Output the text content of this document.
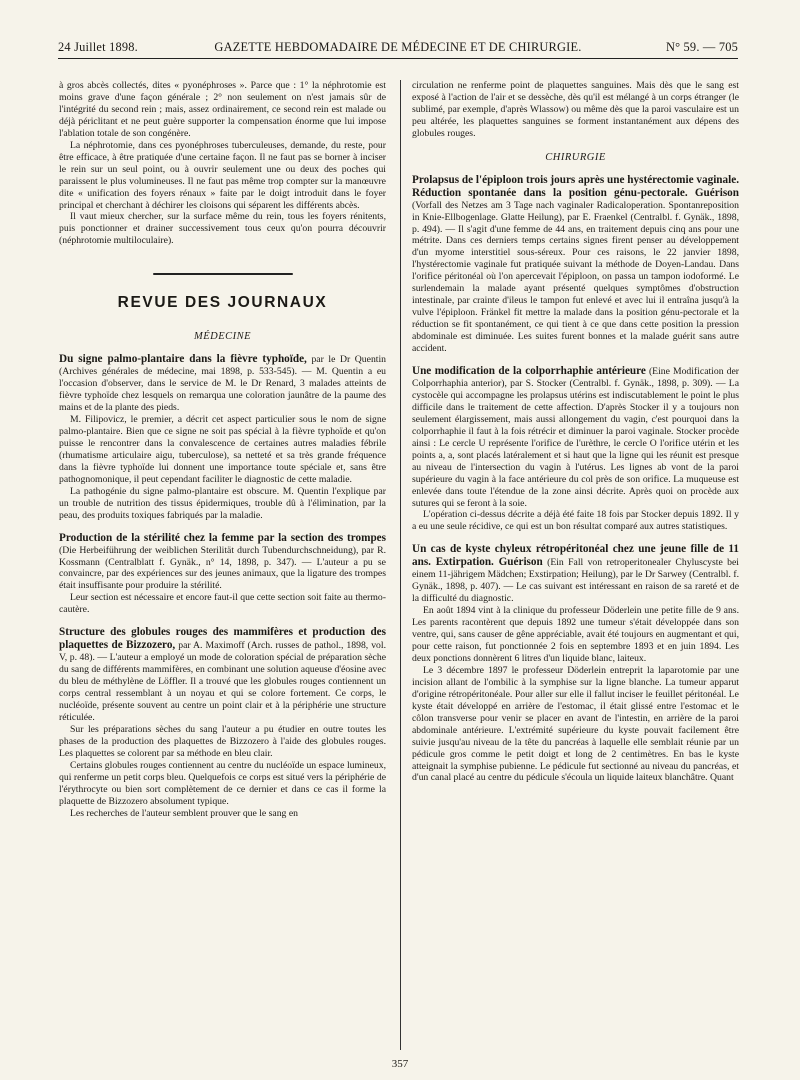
24 Juillet 1898.	GAZETTE HEBDOMADAIRE DE MÉDECINE ET DE CHIRURGIE.	N° 59. — 705

à gros abcès collectés, dites « pyonéphroses ». Parce que : 1° la néphrotomie est moins grave d'une façon générale ; 2° non seulement on n'est jamais sûr de l'intégrité du second rein ; mais, assez ordinairement, ce second rein est malade ou déjà périclitant et ne peut guère supporter la compensation énorme que lui impose l'ablation totale de son congénère.

La néphrotomie, dans ces pyonéphroses tuberculeuses, demande, du reste, pour être efficace, à être pratiquée d'une certaine façon. Il ne faut pas se borner à inciser le rein sur un seul point, ou à ouvrir seulement une ou deux des poches qui paraissent le plus volumineuses. Il ne faut pas même trop compter sur la manœuvre dite « unification des foyers rénaux » faite par le doigt introduit dans le foyer principal et cherchant à déchirer les cloisons qui séparent les différents abcès.

Il vaut mieux chercher, sur la surface même du rein, tous les foyers rénitents, puis ponctionner et drainer successivement tous ceux qu'on pourra découvrir (néphrotomie multiloculaire).

REVUE DES JOURNAUX
MÉDECINE

Du signe palmo-plantaire dans la fièvre typhoïde, par le Dr Quentin (Archives générales de médecine, mai 1898, p. 533-545). — M. Quentin a eu l'occasion d'observer, dans le service de M. le Dr Renard, 3 malades atteints de fièvre typhoïde chez lesquels on remarqua une coloration jaunâtre de la paume des mains et de la plante des pieds.

M. Filipovicz, le premier, a décrit cet aspect particulier sous le nom de signe palmo-plantaire. Bien que ce signe ne soit pas spécial à la fièvre typhoïde et qu'on puisse le rencontrer dans la convalescence de certaines autres maladies fébrile (rhumatisme articulaire aigu, tuberculose), sa netteté et sa très grande fréquence dans la fièvre typhoïde lui donnent une importance toute spéciale et, sans être pathognomonique, il peut cependant faciliter le diagnostic de cette maladie.

La pathogénie du signe palmo-plantaire est obscure. M. Quentin l'explique par un trouble de nutrition des tissus épidermiques, trouble dû à l'élimination, par la peau, des produits toxiques fabriqués par la maladie.

Production de la stérilité chez la femme par la section des trompes (Die Herbeiführung der weiblichen Sterilität durch Tubendurchschneidung), par R. Kossmann (Centralblatt f. Gynäk., n° 14, 1898, p. 347). — L'auteur a pu se convaincre, par des expériences sur des jeunes animaux, que la ligature des trompes était insuffisante pour produire la stérilité.

Leur section est nécessaire et encore faut-il que cette section soit faite au thermo-cautère.

Structure des globules rouges des mammifères et production des plaquettes de Bizzozero, par A. Maximoff (Arch. russes de pathol., 1898, vol. V, p. 48). — L'auteur a employé un mode de coloration spécial de préparation sèche du sang de différents mammifères, en combinant une solution aqueuse d'éosine avec du bleu de méthylène de Löffler. Il a trouvé que les globules rouges contiennent un corps central ressemblant à un noyau et qui se colore fortement. Ce corps, le nucléoïde, présente souvent au centre un point clair et à la périphérie une structure réticulée.

Sur les préparations sèches du sang l'auteur a pu étudier en outre toutes les phases de la production des plaquettes de Bizzozero à l'aide des globules rouges. Les plaquettes se colorent par sa méthode en bleu clair.

Certains globules rouges contiennent au centre du nucléoïde un espace lumineux, qui renferme un petit corps bleu. Quelquefois ce corps est situé vers la périphérie de l'érythrocyte ou bien sort complètement de ce dernier et dans ce cas il forme la plaquette de Bizzozero absolument typique.

Les recherches de l'auteur semblent prouver que le sang en

circulation ne renferme point de plaquettes sanguines. Mais dès que le sang est exposé à l'action de l'air et se dessèche, dès qu'il est mélangé à un corps étranger (le sublimé, par exemple, d'après Wlassow) ou même dès que la paroi vasculaire est un peu altérée, les plaquettes sanguines se forment instantanément aux dépens des globules rouges.

CHIRURGIE

Prolapsus de l'épiploon trois jours après une hystérectomie vaginale. Réduction spontanée dans la position génu-pectorale. Guérison (Vorfall des Netzes am 3 Tage nach vaginaler Radicaloperation. Spontanreposition in Knie-Ellbogenlage. Glatte Heilung), par E. Fraenkel (Centralbl. f. Gynäk., 1898, p. 494). — Il s'agit d'une femme de 44 ans, en traitement depuis cinq ans pour une métrite. Dans ces derniers temps certains signes firent penser au développement d'un myome interstitiel sous-séreux. Pour ces raisons, le 22 janvier 1898, l'hystérectomie vaginale fut pratiquée suivant la méthode de Doyen-Landau. Dans l'orifice péritonéal où l'on apercevait l'épiploon, on passa un tampon iodoformé. Le surlendemain la malade ayant présenté quelques symptômes d'obstruction intestinale, par crainte d'ileus le tampon fut enlevé et avec lui il entraîna jusqu'à la vulve l'épiploon. Fränkel fit mettre la malade dans la position génu-pectorale et la réduction se fit spontanément, ce qui tient à ce que dans cette position la pression abdominale est diminuée. Les suites furent bonnes et la malade guérit sans autre accident.

Une modification de la colporrhaphie antérieure (Eine Modification der Colporrhaphia anterior), par S. Stocker (Centralbl. f. Gynäk., 1898, p. 309). — La cystocèle qui accompagne les prolapsus utérins est indiscutablement le point le plus difficile dans le traitement de cette affection. D'après Stocker il y a toujours non seulement élargissement, mais aussi allongement du vagin, c'est pourquoi dans la colporrhaphie il faut à la fois rétrécir et diminuer la paroi vaginale. Stocker procède ainsi : Le cercle U représente l'orifice de l'urèthre, le cercle O l'orifice utérin et les points a, a, sont placés latéralement et si haut que la ligne qui les réunit est presque au niveau de l'intersection du vagin à l'utérus. Les lignes ab vont de la paroi supérieure du vagin à la face antérieure du col près de son orifice. La muqueuse est enlevée dans toute l'étendue de la zone ainsi décrite. Après quoi on procède aux sutures qui se feront à la soie.

L'opération ci-dessus décrite a déjà été faite 18 fois par Stocker depuis 1892. Il y a eu une seule récidive, ce qui est un bon résultat comparé aux autres statistiques.

Un cas de kyste chyleux rétropéritonéal chez une jeune fille de 11 ans. Extirpation. Guérison (Ein Fall von retroperitonealer Chyluscyste bei einem 11-jährigem Mädchen; Exstirpation; Heilung), par le Dr Sarwey (Centralbl. f. Gynäk., 1898, p. 407). — Le cas suivant est intéressant en raison de sa rareté et de la difficulté du diagnostic.

En août 1894 vint à la clinique du professeur Döderlein une petite fille de 9 ans. Les parents racontèrent que depuis 1892 une tumeur s'était développée dans son ventre, qui, sans causer de gêne appréciable, avait été toujours en augmentant et qui, pour cette raison, fut ponctionnée 2 fois en septembre 1893 et en juin 1894. Les deux ponctions donnèrent 6 litres d'un liquide blanc, laiteux.

Le 3 décembre 1897 le professeur Döderlein entreprit la laparotomie par une incision allant de l'ombilic à la symphise sur la ligne blanche. La tumeur apparut d'origine rétropéritonéale. Pour aller sur elle il fallut inciser le feuillet péritonéal. Le kyste était développé en arrière de l'estomac, il était glissé entre l'estomac et le côlon transverse pour venir se placer en avant de l'intestin, en arrière de la paroi abdominale antérieure. L'extrémité supérieure du kyste pouvait facilement être suivie jusqu'au niveau de la tête du pancréas à laquelle elle semblait réunie par un pédicule gros comme le petit doigt et long de 2 centimètres. En bas le kyste atteignait la symphise pubienne. Le pédicule fut sectionné au niveau du pancréas, et d'un canal placé au centre du pédicule s'écoula un liquide laiteux blanchâtre. Quant

357
